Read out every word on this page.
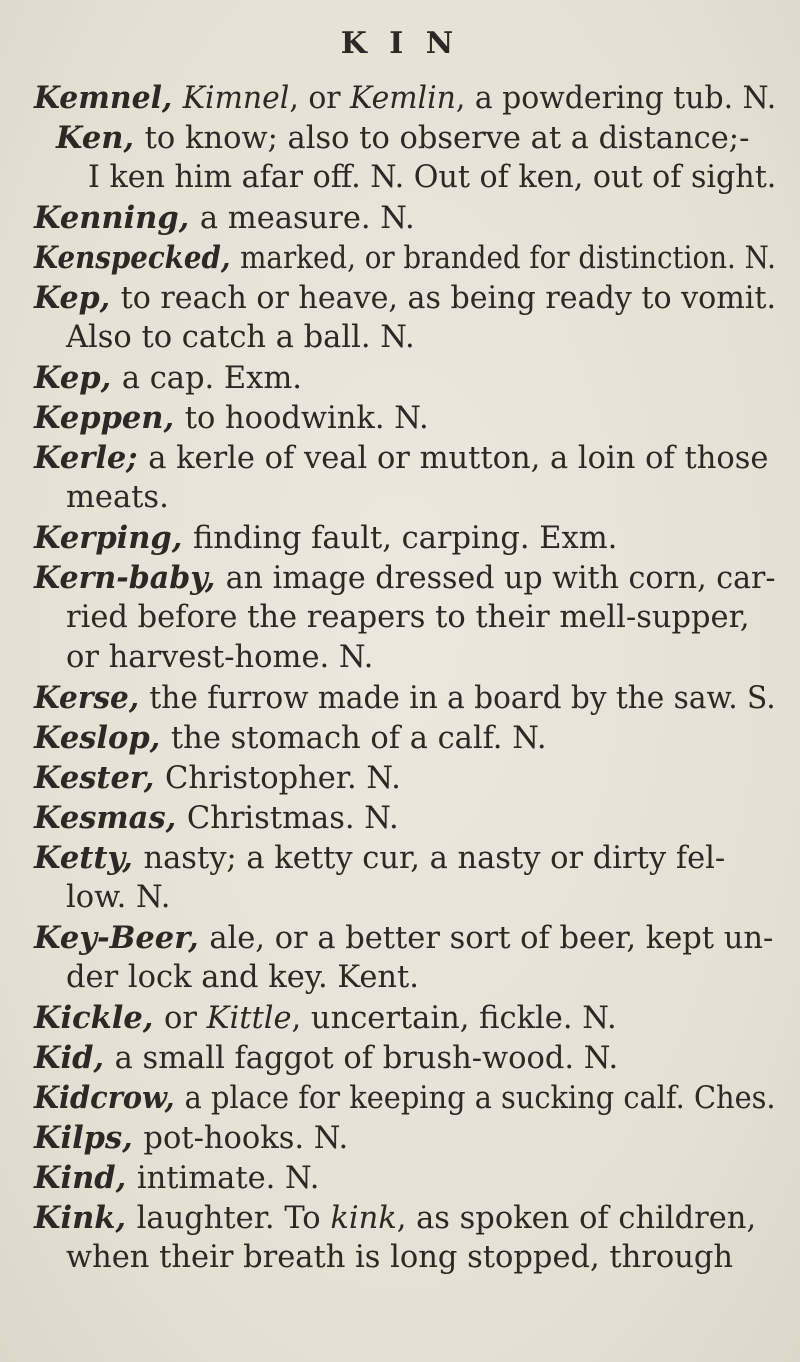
K I N
Kemnel, Kimnel, or Kemlin, a powdering tub. N.
Ken, to know; also to observe at a distance;-
I ken him afar off. N. Out of ken, out of sight.
Kenning, a measure. N.
Kenspecked, marked, or branded for distinction. N.
Kep, to reach or heave, as being ready to vomit.
Also to catch a ball. N.
Kep, a cap. Exm.
Keppen, to hoodwink. N.
Kerle; a kerle of veal or mutton, a loin of those
meats.
Kerping, finding fault, carping. Exm.
Kern-baby, an image dressed up with corn, car-
ried before the reapers to their mell-supper,
or harvest-home. N.
Kerse, the furrow made in a board by the saw. S.
Keslop, the stomach of a calf. N.
Kester, Christopher. N.
Kesmas, Christmas. N.
Ketty, nasty; a ketty cur, a nasty or dirty fel-
low. N.
Key-Beer, ale, or a better sort of beer, kept un-
der lock and key. Kent.
Kickle, or Kittle, uncertain, fickle. N.
Kid, a small faggot of brush-wood. N.
Kidcrow, a place for keeping a sucking calf. Ches.
Kilps, pot-hooks. N.
Kind, intimate. N.
Kink, laughter. To kink, as spoken of children,
when their breath is long stopped, through
